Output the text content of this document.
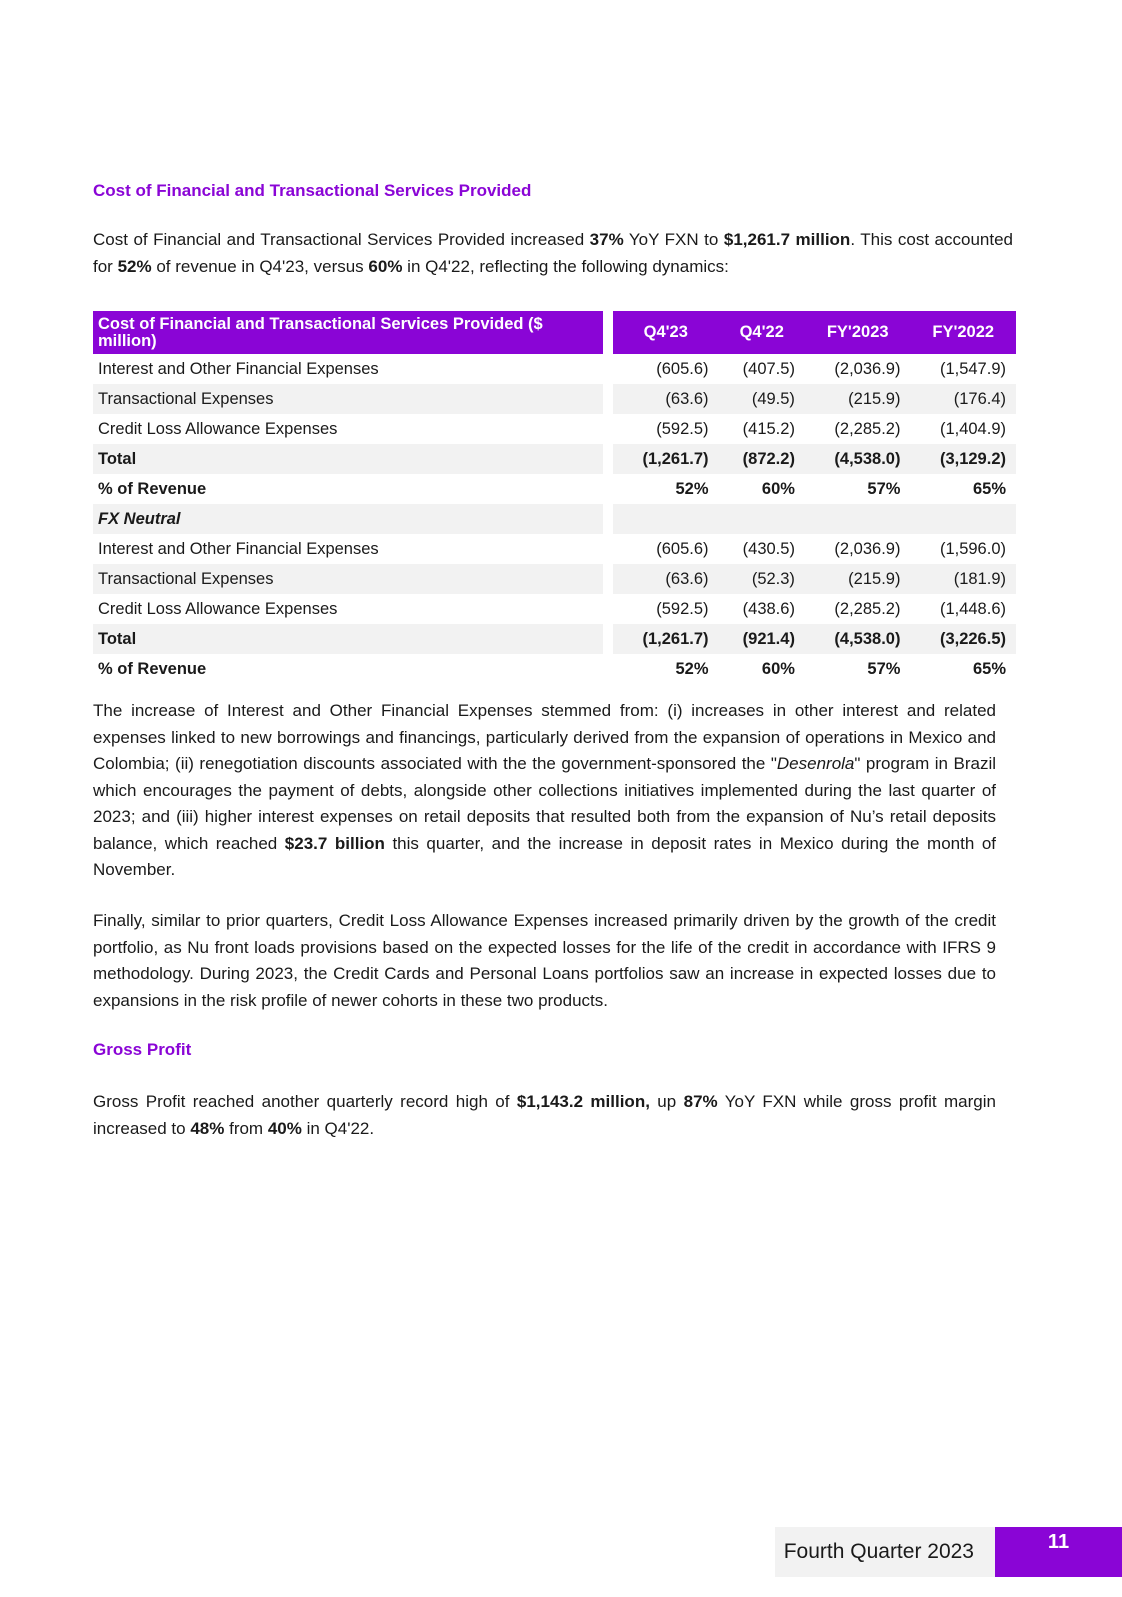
Cost of Financial and Transactional Services Provided

Cost of Financial and Transactional Services Provided increased 37% YoY FXN to $1,261.7 million. This cost accounted for 52% of revenue in Q4'23, versus 60% in Q4'22, reflecting the following dynamics:

Cost of Financial and Transactional Services Provided ($ million)		Q4'23	Q4'22	FY'2023	FY'2022
Interest and Other Financial Expenses		(605.6)	(407.5)	(2,036.9)	(1,547.9)
Transactional Expenses		(63.6)	(49.5)	(215.9)	(176.4)
Credit Loss Allowance Expenses		(592.5)	(415.2)	(2,285.2)	(1,404.9)
Total		(1,261.7)	(872.2)	(4,538.0)	(3,129.2)
% of Revenue		52%	60%	57%	65%
FX Neutral					
Interest and Other Financial Expenses		(605.6)	(430.5)	(2,036.9)	(1,596.0)
Transactional Expenses		(63.6)	(52.3)	(215.9)	(181.9)
Credit Loss Allowance Expenses		(592.5)	(438.6)	(2,285.2)	(1,448.6)
Total		(1,261.7)	(921.4)	(4,538.0)	(3,226.5)
% of Revenue		52%	60%	57%	65%

The increase of Interest and Other Financial Expenses stemmed from: (i) increases in other interest and related expenses linked to new borrowings and financings, particularly derived from the expansion of operations in Mexico and Colombia; (ii) renegotiation discounts associated with the the government-sponsored the "Desenrola" program in Brazil which encourages the payment of debts, alongside other collections initiatives implemented during the last quarter of 2023; and (iii) higher interest expenses on retail deposits that resulted both from the expansion of Nu’s retail deposits balance, which reached $23.7 billion this quarter, and the increase in deposit rates in Mexico during the month of November.

Finally, similar to prior quarters, Credit Loss Allowance Expenses increased primarily driven by the growth of the credit portfolio, as Nu front loads provisions based on the expected losses for the life of the credit in accordance with IFRS 9 methodology. During 2023, the Credit Cards and Personal Loans portfolios saw an increase in expected losses due to expansions in the risk profile of newer cohorts in these two products.

Gross Profit

Gross Profit reached another quarterly record high of $1,143.2 million, up 87% YoY FXN while gross profit margin increased to 48% from 40% in Q4'22.

Fourth Quarter 2023	11
